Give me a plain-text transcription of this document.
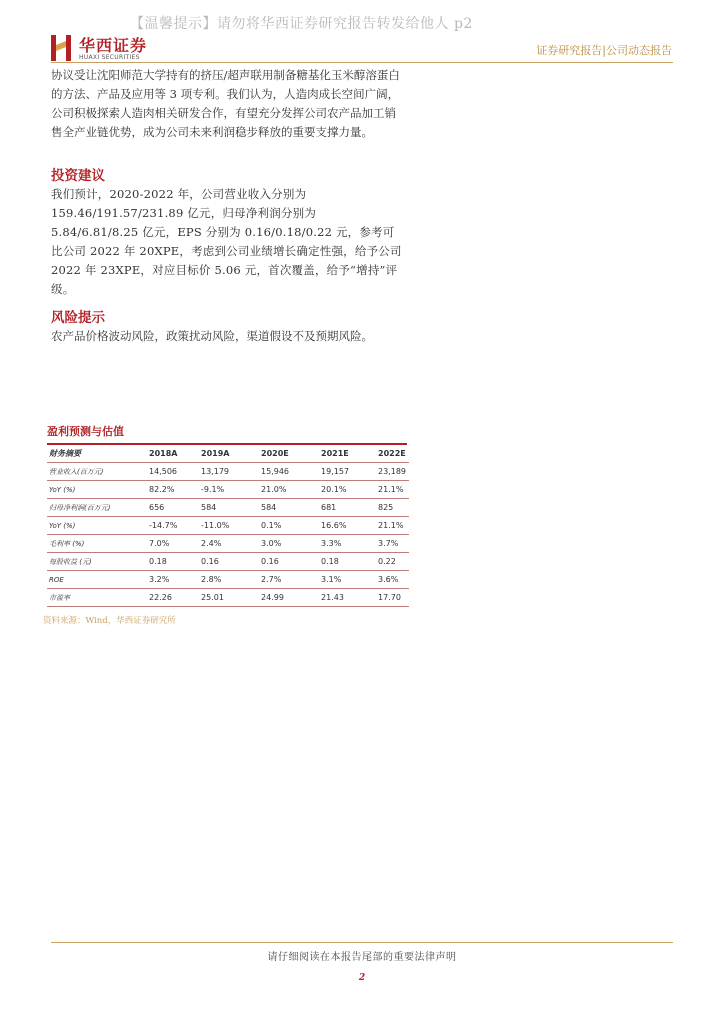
【温馨提示】请勿将华西证券研究报告转发给他人 p2
华西证券
HUAXI SECURITIES
证券研究报告|公司动态报告

协议受让沈阳师范大学持有的挤压/超声联用制备糖基化玉米醇溶蛋白的方法、产品及应用等 3 项专利。我们认为，人造肉成长空间广阔，公司积极探索人造肉相关研发合作，有望充分发挥公司农产品加工销售全产业链优势，成为公司未来利润稳步释放的重要支撑力量。

投资建议

我们预计，2020-2022 年，公司营业收入分别为 159.46/191.57/231.89 亿元，归母净利润分别为 5.84/6.81/8.25 亿元，EPS 分别为 0.16/0.18/0.22 元，参考可比公司 2022 年 20XPE，考虑到公司业绩增长确定性强，给予公司 2022 年 23XPE，对应目标价 5.06 元，首次覆盖，给予“增持”评级。

风险提示

农产品价格波动风险，政策扰动风险，渠道假设不及预期风险。

盈利预测与估值
财务摘要	2018A	2019A	2020E	2021E	2022E
营业收入(百万元)	14,506	13,179	15,946	19,157	23,189
YoY (%)	82.2%	-9.1%	21.0%	20.1%	21.1%
归母净利润(百万元)	656	584	584	681	825
YoY (%)	-14.7%	-11.0%	0.1%	16.6%	21.1%
毛利率 (%)	7.0%	2.4%	3.0%	3.3%	3.7%
每股收益 (元)	0.18	0.16	0.16	0.18	0.22
ROE	3.2%	2.8%	2.7%	3.1%	3.6%
市盈率	22.26	25.01	24.99	21.43	17.70
资料来源：Wind，华西证券研究所
请仔细阅读在本报告尾部的重要法律声明
2
